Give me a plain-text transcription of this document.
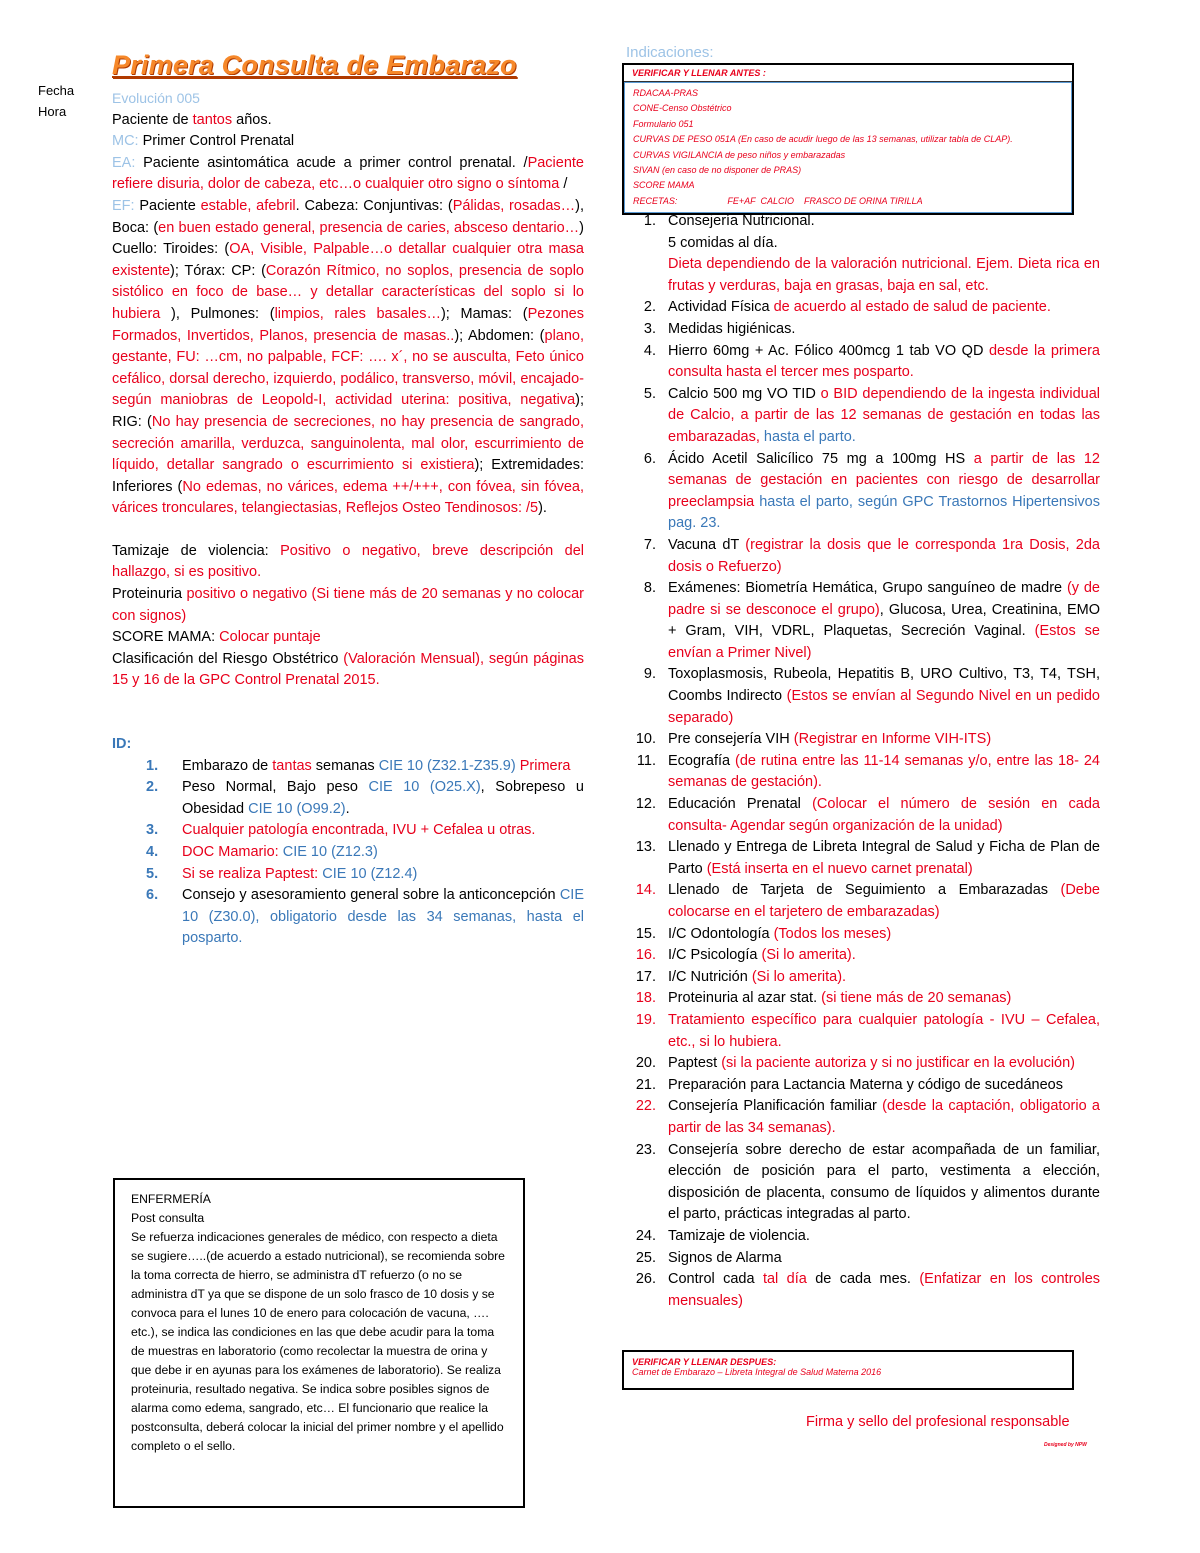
Fecha
Hora
Primera Consulta de Embarazo

Evolución 005

Paciente de tantos años.

MC: Primer Control Prenatal

EA: Paciente asintomática acude a primer control prenatal. /Paciente refiere disuria, dolor de cabeza, etc…o cualquier otro signo o síntoma /

EF: Paciente estable, afebril. Cabeza: Conjuntivas: (Pálidas, rosadas…), Boca: (en buen estado general, presencia de caries, absceso dentario…) Cuello: Tiroides: (OA, Visible, Palpable…o detallar cualquier otra masa existente); Tórax: CP: (Corazón Rítmico, no soplos, presencia de soplo sistólico en foco de base… y detallar características del soplo si lo hubiera ), Pulmones: (limpios, rales basales…); Mamas: (Pezones Formados, Invertidos, Planos, presencia de masas..); Abdomen: (plano, gestante, FU: …cm, no palpable, FCF: …. x´, no se ausculta, Feto único cefálico, dorsal derecho, izquierdo, podálico, transverso, móvil, encajado-según maniobras de Leopold-I, actividad uterina: positiva, negativa); RIG: (No hay presencia de secreciones, no hay presencia de sangrado, secreción amarilla, verduzca, sanguinolenta, mal olor, escurrimiento de líquido, detallar sangrado o escurrimiento si existiera); Extremidades: Inferiores (No edemas, no várices, edema ++/+++, con fóvea, sin fóvea, várices tronculares, telangiectasias, Reflejos Osteo Tendinosos: /5).

Tamizaje de violencia: Positivo o negativo, breve descripción del hallazgo, si es positivo.

Proteinuria positivo o negativo (Si tiene más de 20 semanas y no colocar con signos)

SCORE MAMA: Colocar puntaje

Clasificación del Riesgo Obstétrico (Valoración Mensual), según páginas 15 y 16 de la GPC Control Prenatal 2015.

ID:

1. Embarazo de tantas semanas CIE 10 (Z32.1-Z35.9) Primera
2. Peso Normal, Bajo peso CIE 10 (O25.X), Sobrepeso u Obesidad CIE 10 (O99.2).
3. Cualquier patología encontrada, IVU + Cefalea u otras.
4. DOC Mamario: CIE 10 (Z12.3)
5. Si se realiza Paptest: CIE 10 (Z12.4)
6. Consejo y asesoramiento general sobre la anticoncepción CIE 10 (Z30.0), obligatorio desde las 34 semanas, hasta el posparto.
Indicaciones:
VERIFICAR Y LLENAR ANTES :
RDACAA-PRAS
CONE-Censo Obstétrico
Formulario 051
CURVAS DE PESO 051A (En caso de acudir luego de las 13 semanas, utilizar tabla de CLAP).
CURVAS VIGILANCIA de peso niños y embarazadas
SIVAN (en caso de no disponer de PRAS)
SCORE MAMA
RECETAS:                    FE+AF  CALCIO    FRASCO DE ORINA TIRILLA
1. Consejería Nutricional.
5 comidas al día.
Dieta dependiendo de la valoración nutricional. Ejem. Dieta rica en frutas y verduras, baja en grasas, baja en sal, etc.
2. Actividad Física de acuerdo al estado de salud de paciente.
3. Medidas higiénicas.
4. Hierro 60mg + Ac. Fólico 400mcg 1 tab VO QD desde la primera consulta hasta el tercer mes posparto.
5. Calcio 500 mg VO TID o BID dependiendo de la ingesta individual de Calcio, a partir de las 12 semanas de gestación en todas las embarazadas, hasta el parto.
6. Ácido Acetil Salicílico 75 mg a 100mg HS a partir de las 12 semanas de gestación en pacientes con riesgo de desarrollar preeclampsia hasta el parto, según GPC Trastornos Hipertensivos pag. 23.
7. Vacuna dT (registrar la dosis que le corresponda 1ra Dosis, 2da dosis o Refuerzo)
8. Exámenes: Biometría Hemática, Grupo sanguíneo de madre (y de padre si se desconoce el grupo), Glucosa, Urea, Creatinina, EMO + Gram, VIH, VDRL, Plaquetas, Secreción Vaginal. (Estos se envían a Primer Nivel)
9. Toxoplasmosis, Rubeola, Hepatitis B, URO Cultivo, T3, T4, TSH, Coombs Indirecto (Estos se envían al Segundo Nivel en un pedido separado)
10. Pre consejería VIH (Registrar en Informe VIH-ITS)
11. Ecografía (de rutina entre las 11-14 semanas y/o, entre las 18- 24 semanas de gestación).
12. Educación Prenatal (Colocar el número de sesión en cada consulta- Agendar según organización de la unidad)
13. Llenado y Entrega de Libreta Integral de Salud y Ficha de Plan de Parto (Está inserta en el nuevo carnet prenatal)
14. Llenado de Tarjeta de Seguimiento a Embarazadas (Debe colocarse en el tarjetero de embarazadas)
15. I/C Odontología (Todos los meses)
16. I/C Psicología (Si lo amerita).
17. I/C Nutrición (Si lo amerita).
18. Proteinuria al azar stat. (si tiene más de 20 semanas)
19. Tratamiento específico para cualquier patología - IVU – Cefalea, etc., si lo hubiera.
20. Paptest (si la paciente autoriza y si no justificar en la evolución)
21. Preparación para Lactancia Materna y código de sucedáneos
22. Consejería Planificación familiar (desde la captación, obligatorio a partir de las 34 semanas).
23. Consejería sobre derecho de estar acompañada de un familiar, elección de posición para el parto, vestimenta a elección, disposición de placenta, consumo de líquidos y alimentos durante el parto, prácticas integradas al parto.
24. Tamizaje de violencia.
25. Signos de Alarma
26. Control cada tal día de cada mes. (Enfatizar en los controles mensuales)
VERIFICAR Y LLENAR DESPUES:
Carnet de Embarazo – Libreta Integral de Salud Materna 2016
Firma y sello del profesional responsable
Designed by NPW

ENFERMERÍA

Post consulta

Se refuerza indicaciones generales de médico, con respecto a dieta se sugiere…..(de acuerdo a estado nutricional), se recomienda sobre la toma correcta de hierro, se administra dT refuerzo (o no se administra dT ya que se dispone de un solo frasco de 10 dosis y se convoca para el lunes 10 de enero para colocación de vacuna, …. etc.), se indica las condiciones en las que debe acudir para la toma de muestras en laboratorio (como recolectar la muestra de orina y que debe ir en ayunas para los exámenes de laboratorio). Se realiza proteinuria, resultado negativa. Se indica sobre posibles signos de alarma como edema, sangrado, etc… El funcionario que realice la postconsulta, deberá colocar la inicial del primer nombre y el apellido completo o el sello.
